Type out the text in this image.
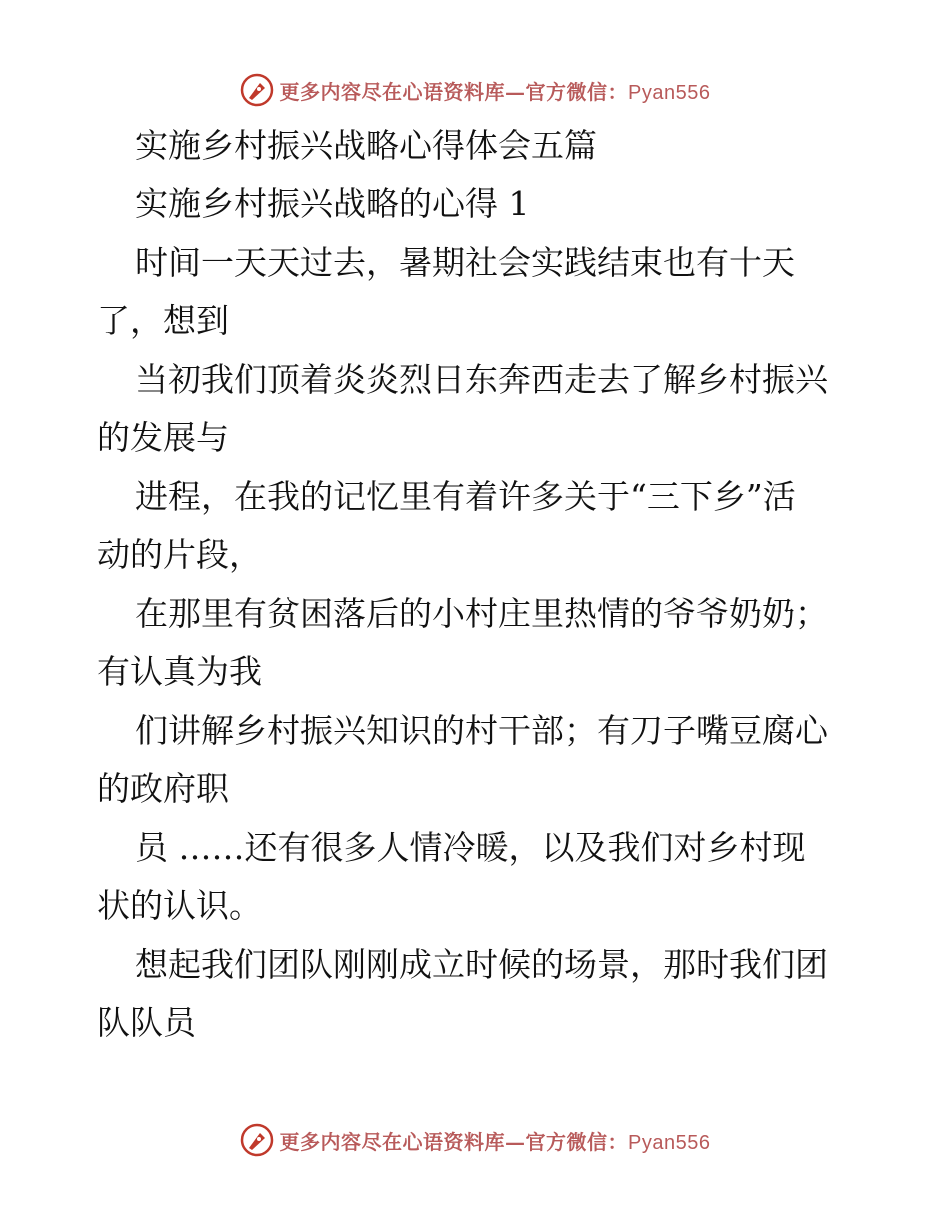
更多内容尽在心语资料库—官方微信：Pyan556
实施乡村振兴战略心得体会五篇
实施乡村振兴战略的心得 1
时间一天天过去，暑期社会实践结束也有十天
了，想到
当初我们顶着炎炎烈日东奔西走去了解乡村振兴
的发展与
进程，在我的记忆里有着许多关于“三下乡”活
动的片段，
在那里有贫困落后的小村庄里热情的爷爷奶奶；
有认真为我
们讲解乡村振兴知识的村干部；有刀子嘴豆腐心
的政府职
员 ……还有很多人情冷暖，以及我们对乡村现
状的认识。
想起我们团队刚刚成立时候的场景，那时我们团
队队员
更多内容尽在心语资料库—官方微信：Pyan556
